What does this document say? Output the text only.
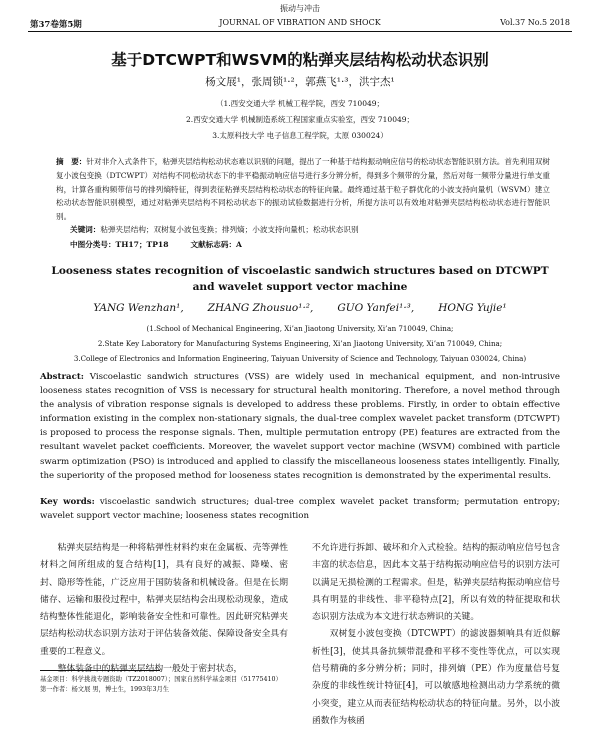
振动与冲击
第37卷第5期	JOURNAL OF VIBRATION AND SHOCK	Vol.37 No.5 2018
基于DTCWPT和WSVM的粘弹夹层结构松动状态识别
杨文展¹，张周锁¹·²，郭燕飞¹·³，洪宇杰¹
（1.西安交通大学 机械工程学院，西安 710049；
2.西安交通大学 机械制造系统工程国家重点实验室，西安 710049；
3.太原科技大学 电子信息工程学院，太原 030024）
摘　要：针对非介入式条件下，粘弹夹层结构松动状态难以识别的问题，提出了一种基于结构振动响应信号的松动状态智能识别方法。首先利用双树复小波包变换（DTCWPT）对结构不同松动状态下的非平稳振动响应信号进行多分辨分析，得到多个频带的分量，然后对每一频带分量进行单支重构，计算各重构频带信号的排列熵特征，得到表征粘弹夹层结构松动状态的特征向量。最终通过基于粒子群优化的小波支持向量机（WSVM）建立松动状态智能识别模型，通过对粘弹夹层结构不同松动状态下的振动试验数据进行分析，所提方法可以有效地对粘弹夹层结构松动状态进行智能识别。
关键词：粘弹夹层结构；双树复小波包变换；排列熵；小波支持向量机；松动状态识别
中图分类号：TH17；TP18	文献标志码：A
Looseness states recognition of viscoelastic sandwich structures based on DTCWPT and wavelet support vector machine
YANG Wenzhan¹, ZHANG Zhousuo¹·², GUO Yanfei¹·³, HONG Yujie¹
(1.School of Mechanical Engineering, Xi’an Jiaotong University, Xi’an 710049, China;
2.State Key Laboratory for Manufacturing Systems Engineering, Xi’an Jiaotong University, Xi’an 710049, China;
3.College of Electronics and Information Engineering, Taiyuan University of Science and Technology, Taiyuan 030024, China)
Abstract: Viscoelastic sandwich structures (VSS) are widely used in mechanical equipment, and non-intrusive looseness states recognition of VSS is necessary for structural health monitoring. Therefore, a novel method through the analysis of vibration response signals is developed to address these problems. Firstly, in order to obtain effective information existing in the complex non-stationary signals, the dual-tree complex wavelet packet transform (DTCWPT) is proposed to process the response signals. Then, multiple permutation entropy (PE) features are extracted from the resultant wavelet packet coefficients. Moreover, the wavelet support vector machine (WSVM) combined with particle swarm optimization (PSO) is introduced and applied to classify the miscellaneous looseness states intelligently. Finally, the superiority of the proposed method for looseness states recognition is demonstrated by the experimental results.
Key words: viscoelastic sandwich structures; dual-tree complex wavelet packet transform; permutation entropy; wavelet support vector machine; looseness states recognition
粘弹夹层结构是一种将粘弹性材料约束在金属板、壳等弹性材料之间所组成的复合结构[1]，具有良好的减振、降噪、密封、隐形等性能，广泛应用于国防装备和机械设备。但是在长期储存、运输和服役过程中，粘弹夹层结构会出现松动现象，造成结构整体性能退化，影响装备安全性和可靠性。因此研究粘弹夹层结构松动状态识别方法对于评估装备效能、保障设备安全具有重要的工程意义。
整体装备中的粘弹夹层结构一般处于密封状态，
不允许进行拆卸、破坏和介入式检验。结构的振动响应信号包含丰富的状态信息，因此本文基于结构振动响应信号的识别方法可以满足无损检测的工程需求。但是，粘弹夹层结构振动响应信号具有明显的非线性、非平稳特点[2]，所以有效的特征提取和状态识别方法成为本文进行状态辨识的关键。
双树复小波包变换（DTCWPT）的滤波器频响具有近似解析性[3]，使其具备抗频带混叠和平移不变性等优点，可以实现信号精确的多分辨分析；同时，排列熵（PE）作为度量信号复杂度的非线性统计特征[4]，可以敏感地检测出动力学系统的微小突变，建立从而表征结构松动状态的特征向量。另外，以小波函数作为核函
基金项目：科学挑战专题资助（TZ2018007）；国家自然科学基金项目（51775410）
第一作者：杨文展 男，博士生，1993年3月生
